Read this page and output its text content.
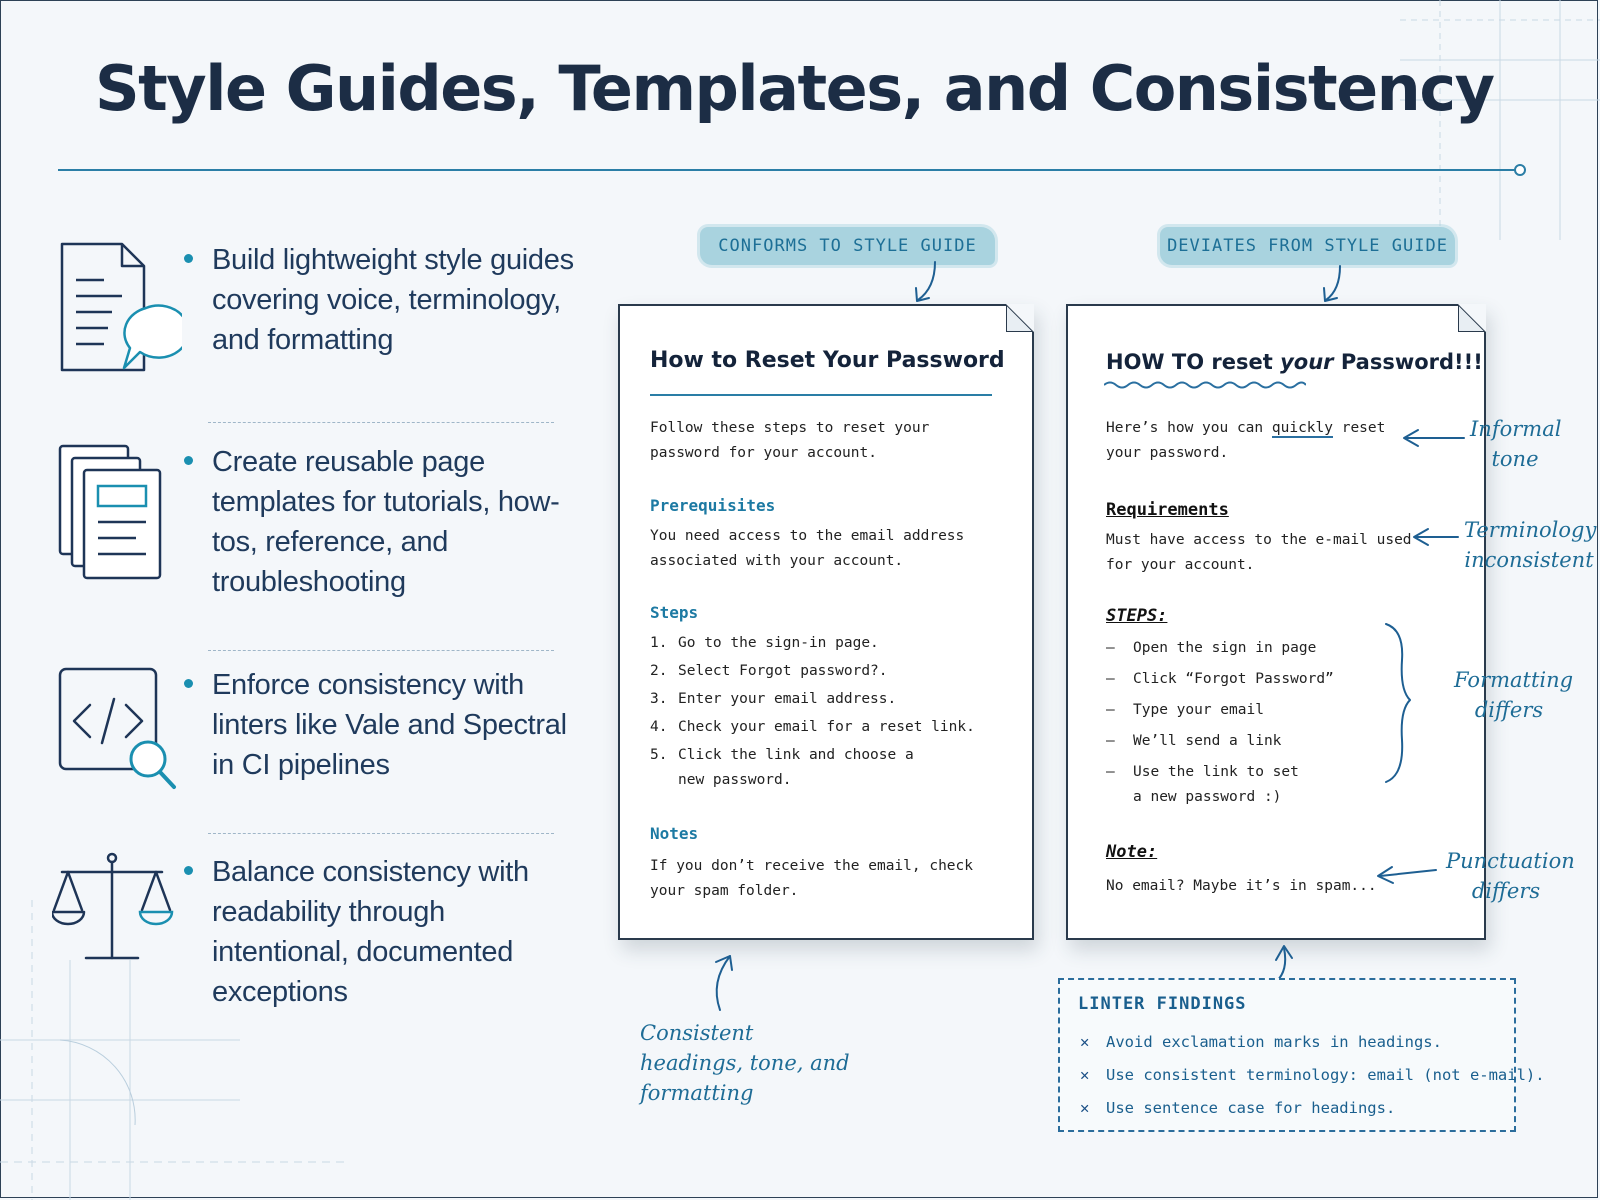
Style Guides, Templates, and Consistency
Build lightweight style guides covering voice, terminology, and formatting
Create reusable page templates for tutorials, how-tos, reference, and troubleshooting
Enforce consistency with linters like Vale and Spectral in CI pipelines
Balance consistency with readability through intentional, documented exceptions
CONFORMS TO STYLE GUIDE	DEVIATES FROM STYLE GUIDE
How to Reset Your Password
Follow these steps to reset your password for your account.
Prerequisites
You need access to the email address associated with your account.
Steps
1. Go to the sign-in page.
2. Select Forgot password?.
3. Enter your email address.
4. Check your email for a reset link.
5. Click the link and choose a new password.
Notes
If you don’t receive the email, check your spam folder.
HOW TO reset your Password!!!
Here’s how you can quickly reset your password.
Requirements
Must have access to the e-mail used for your account.
STEPS:
– Open the sign in page
– Click “Forgot Password”
– Type your email
– We’ll send a link
– Use the link to set a new password :)
Note:
No email? Maybe it’s in spam...
Consistent headings, tone, and formatting
Informal tone
Terminology inconsistent
Formatting differs
Punctuation differs
LINTER FINDINGS
✕ Avoid exclamation marks in headings.
✕ Use consistent terminology: email (not e-mail).
✕ Use sentence case for headings.
